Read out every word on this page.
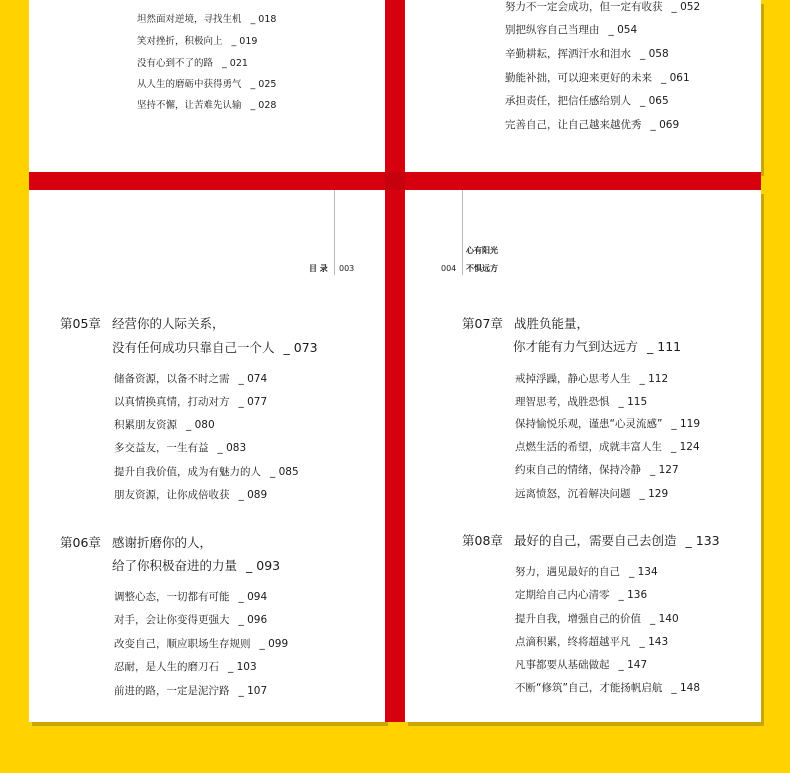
坦然面对逆境，寻找生机 _ 018
笑对挫折，积极向上 _ 019
没有心到不了的路 _ 021
从人生的磨砺中获得勇气 _ 025
坚持不懈，让苦难先认输 _ 028
努力不一定会成功，但一定有收获 _ 052
别把纵容自己当理由 _ 054
辛勤耕耘，挥洒汗水和泪水 _ 058
勤能补拙，可以迎来更好的未来 _ 061
承担责任，把信任感给别人 _ 065
完善自己，让自己越来越优秀 _ 069
目 录 003	004
心有阳光
不惧远方
第05章 经营你的人际关系，
没有任何成功只靠自己一个人 _ 073
储备资源，以备不时之需 _ 074
以真情换真情，打动对方 _ 077
积累朋友资源 _ 080
多交益友，一生有益 _ 083
提升自我价值，成为有魅力的人 _ 085
朋友资源，让你成倍收获 _ 089
第06章 感谢折磨你的人，
给了你积极奋进的力量 _ 093
调整心态，一切都有可能 _ 094
对手，会让你变得更强大 _ 096
改变自己，顺应职场生存规则 _ 099
忍耐，是人生的磨刀石 _ 103
前进的路，一定是泥泞路 _ 107
第07章 战胜负能量，
你才能有力气到达远方 _ 111
戒掉浮躁，静心思考人生 _ 112
理智思考，战胜恐惧 _ 115
保持愉悦乐观，谨患“心灵流感” _ 119
点燃生活的希望，成就丰富人生 _ 124
约束自己的情绪，保持冷静 _ 127
远离愤怒，沉着解决问题 _ 129
第08章 最好的自己，需要自己去创造 _ 133
努力，遇见最好的自己 _ 134
定期给自己内心清零 _ 136
提升自我，增强自己的价值 _ 140
点滴积累，终将超越平凡 _ 143
凡事都要从基础做起 _ 147
不断“修筑”自己，才能扬帆启航 _ 148
